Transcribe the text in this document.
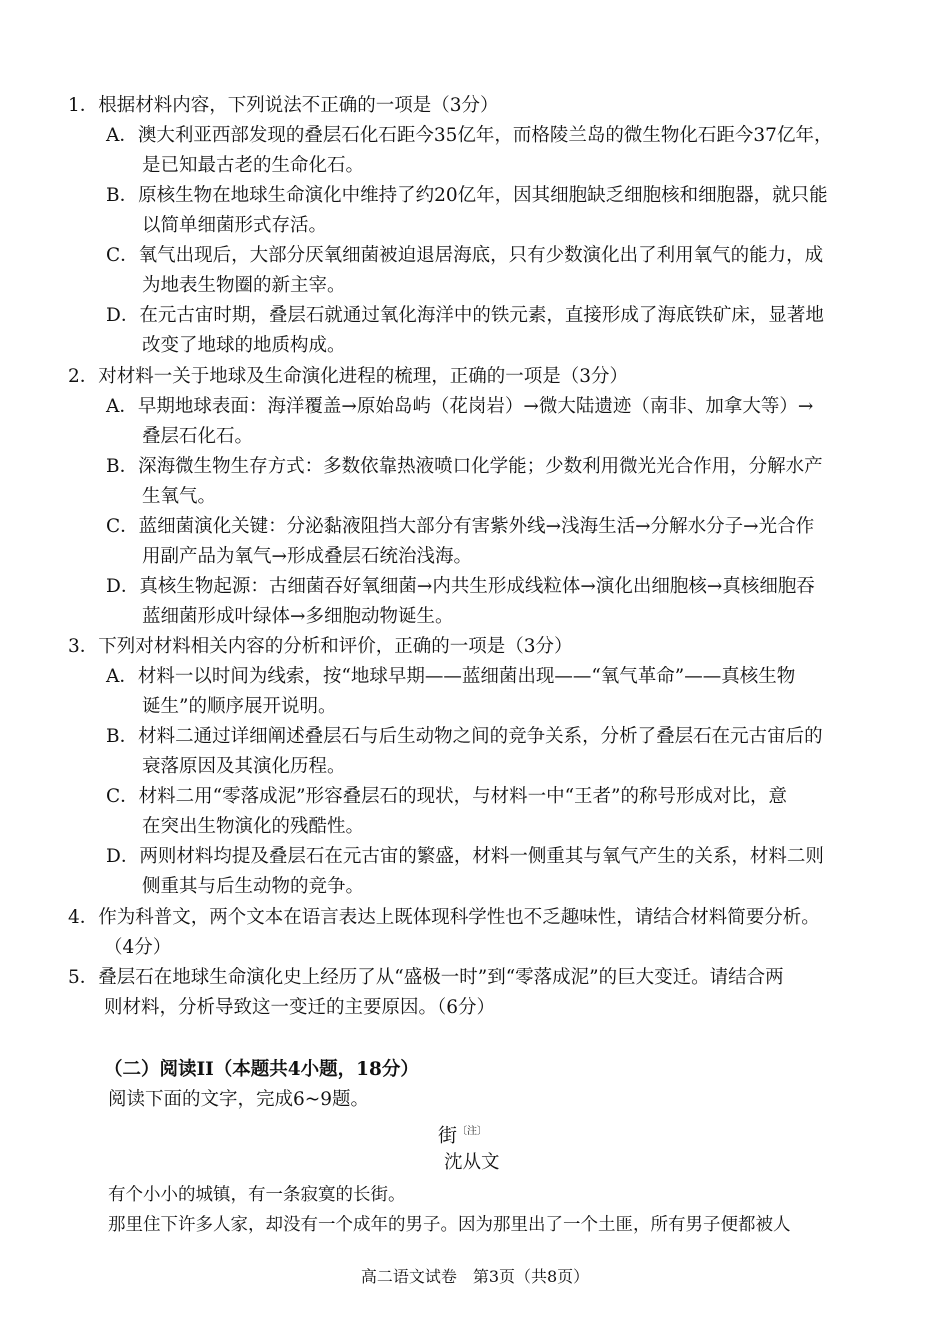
1．根据材料内容，下列说法不正确的一项是（3分）
A．澳大利亚西部发现的叠层石化石距今35亿年，而格陵兰岛的微生物化石距今37亿年，
是已知最古老的生命化石。
B．原核生物在地球生命演化中维持了约20亿年，因其细胞缺乏细胞核和细胞器，就只能
以简单细菌形式存活。
C．氧气出现后，大部分厌氧细菌被迫退居海底，只有少数演化出了利用氧气的能力，成
为地表生物圈的新主宰。
D．在元古宙时期，叠层石就通过氧化海洋中的铁元素，直接形成了海底铁矿床，显著地
改变了地球的地质构成。
2．对材料一关于地球及生命演化进程的梳理，正确的一项是（3分）
A．早期地球表面：海洋覆盖→原始岛屿（花岗岩）→微大陆遗迹（南非、加拿大等）→
叠层石化石。
B．深海微生物生存方式：多数依靠热液喷口化学能；少数利用微光光合作用，分解水产
生氧气。
C．蓝细菌演化关键：分泌黏液阻挡大部分有害紫外线→浅海生活→分解水分子→光合作
用副产品为氧气→形成叠层石统治浅海。
D．真核生物起源：古细菌吞好氧细菌→内共生形成线粒体→演化出细胞核→真核细胞吞
蓝细菌形成叶绿体→多细胞动物诞生。
3．下列对材料相关内容的分析和评价，正确的一项是（3分）
A．材料一以时间为线索，按“地球早期——蓝细菌出现——“氧气革命”——真核生物
诞生”的顺序展开说明。
B．材料二通过详细阐述叠层石与后生动物之间的竞争关系，分析了叠层石在元古宙后的
衰落原因及其演化历程。
C．材料二用“零落成泥”形容叠层石的现状，与材料一中“王者”的称号形成对比，意
在突出生物演化的残酷性。
D．两则材料均提及叠层石在元古宙的繁盛，材料一侧重其与氧气产生的关系，材料二则
侧重其与后生动物的竞争。
4．作为科普文，两个文本在语言表达上既体现科学性也不乏趣味性，请结合材料简要分析。
（4分）
5．叠层石在地球生命演化史上经历了从“盛极一时”到“零落成泥”的巨大变迁。请结合两
则材料，分析导致这一变迁的主要原因。（6分）
（二）阅读II（本题共4小题，18分）
阅读下面的文字，完成6~9题。
街$^{〔注〕}$
沈从文
有个小小的城镇，有一条寂寞的长街。
那里住下许多人家，却没有一个成年的男子。因为那里出了一个土匪，所有男子便都被人
高二语文试卷　第3页（共8页）
